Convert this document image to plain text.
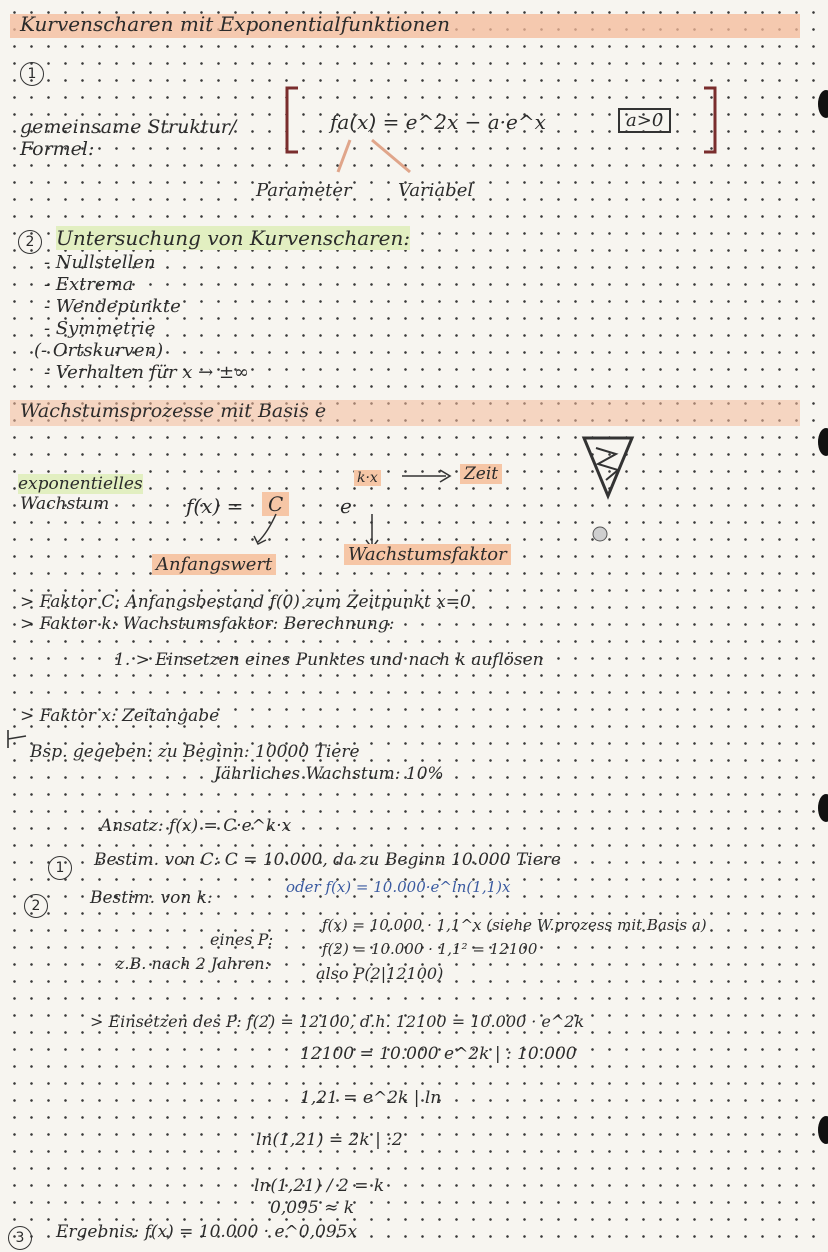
Kurvenscharen mit Exponentialfunktionen
1
gemeinsame Struktur/
Formel:
fa(x) = e^2x − a·e^x	a>0
Parameter	Variabel
2	Untersuchung von Kurvenscharen:
- Nullstellen
- Extrema
- Wendepunkte
- Symmetrie
(- Ortskurven)
- Verhalten für x → ±∞
Wachstumsprozesse mit Basis e
exponentielles
Wachstum	f(x) =	C	e
k·x	Zeit
Anfangswert	Wachstumsfaktor
> Faktor C: Anfangsbestand f(0) zum Zeitpunkt x=0
> Faktor k: Wachstumsfaktor: Berechnung:
1. > Einsetzen eines Punktes und nach k auflösen
> Faktor x: Zeitangabe
Bsp. gegeben: zu Beginn: 10000 Tiere
Jährliches Wachstum: 10%
Ansatz: f(x) = C·e^k·x
1	Bestim. von C: C = 10.000, da zu Beginn 10.000 Tiere
2	Bestim. von k:
oder f(x) = 10.000·e^ln(1,1)x
f(x) = 10.000 · 1,1^x (siehe W.prozess mit Basis a)
eines P:	f(2) = 10.000 · 1,1² = 12100
z.B. nach 2 Jahren:
also P(2|12100)
> Einsetzen des P: f(2) = 12100, d.h. 12100 = 10.000 · e^2k
12100 = 10.000 e^2k | : 10.000
1,21 = e^2k | ln
ln(1,21) = 2k | :2
ln(1,21) / 2 = k
0,095 ≈ k
3	Ergebnis: f(x) = 10.000 · e^0,095x
